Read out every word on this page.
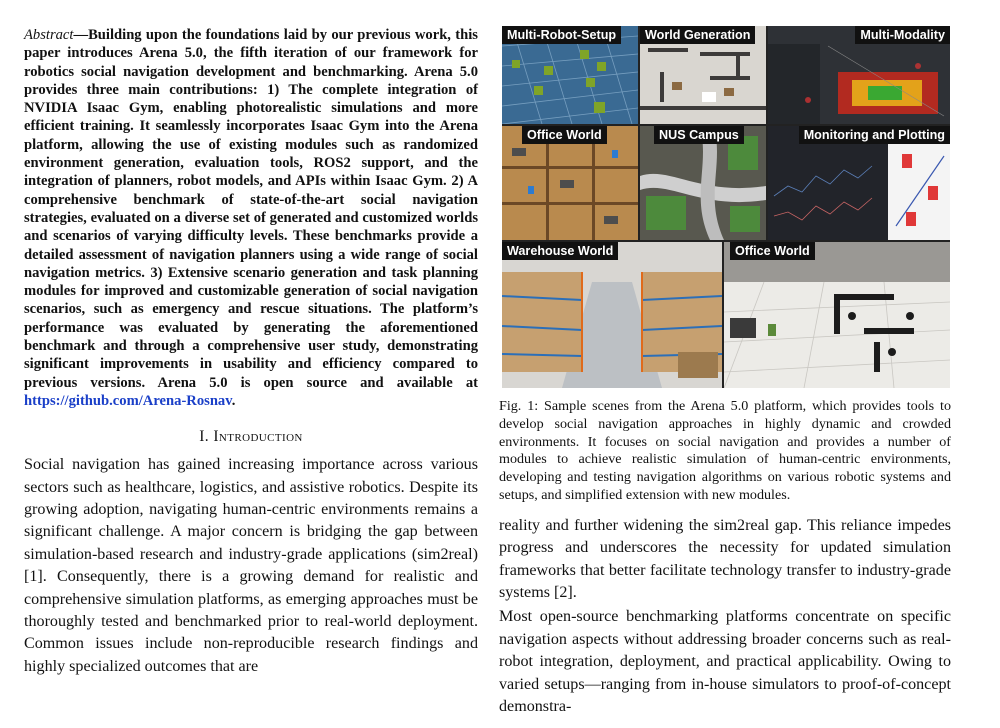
Abstract—Building upon the foundations laid by our previous work, this paper introduces Arena 5.0, the fifth iteration of our framework for robotics social navigation development and benchmarking. Arena 5.0 provides three main contributions: 1) The complete integration of NVIDIA Isaac Gym, enabling photorealistic simulations and more efficient training. It seamlessly incorporates Isaac Gym into the Arena platform, allowing the use of existing modules such as randomized environment generation, evaluation tools, ROS2 support, and the integration of planners, robot models, and APIs within Isaac Gym. 2) A comprehensive benchmark of state-of-the-art social navigation strategies, evaluated on a diverse set of generated and customized worlds and scenarios of varying difficulty levels. These benchmarks provide a detailed assessment of navigation planners using a wide range of social navigation metrics. 3) Extensive scenario generation and task planning modules for improved and customizable generation of social navigation scenarios, such as emergency and rescue situations. The platform’s performance was evaluated by generating the aforementioned benchmark and through a comprehensive user study, demonstrating significant improvements in usability and efficiency compared to previous versions. Arena 5.0 is open source and available at https://github.com/Arena-Rosnav.

I. Introduction

Social navigation has gained increasing importance across various sectors such as healthcare, logistics, and assistive robotics. Despite its growing adoption, navigating human-centric environments remains a significant challenge. A major concern is bridging the gap between simulation-based research and industry-grade applications (sim2real) [1]. Consequently, there is a growing demand for realistic and comprehensive simulation platforms, as emerging approaches must be thoroughly tested and benchmarked prior to real-world deployment. Common issues include non-reproducible research findings and highly specialized outcomes that are

Multi-Robot-Setup	World Generation	Multi-Modality
Office World	NUS Campus	Monitoring and Plotting
Warehouse World	Office World

Fig. 1: Sample scenes from the Arena 5.0 platform, which provides tools to develop social navigation approaches in highly dynamic and crowded environments. It focuses on social navigation and provides a number of modules to achieve realistic simulation of human-centric environments, developing and testing navigation algorithms on various robotic systems and setups, and simplified extension with new modules.

reality and further widening the sim2real gap. This reliance impedes progress and underscores the necessity for updated simulation frameworks that better facilitate technology transfer to industry-grade systems [2].

Most open-source benchmarking platforms concentrate on specific navigation aspects without addressing broader concerns such as real-robot integration, deployment, and practical applicability. Owing to varied setups—ranging from in-house simulators to proof-of-concept demonstra-
